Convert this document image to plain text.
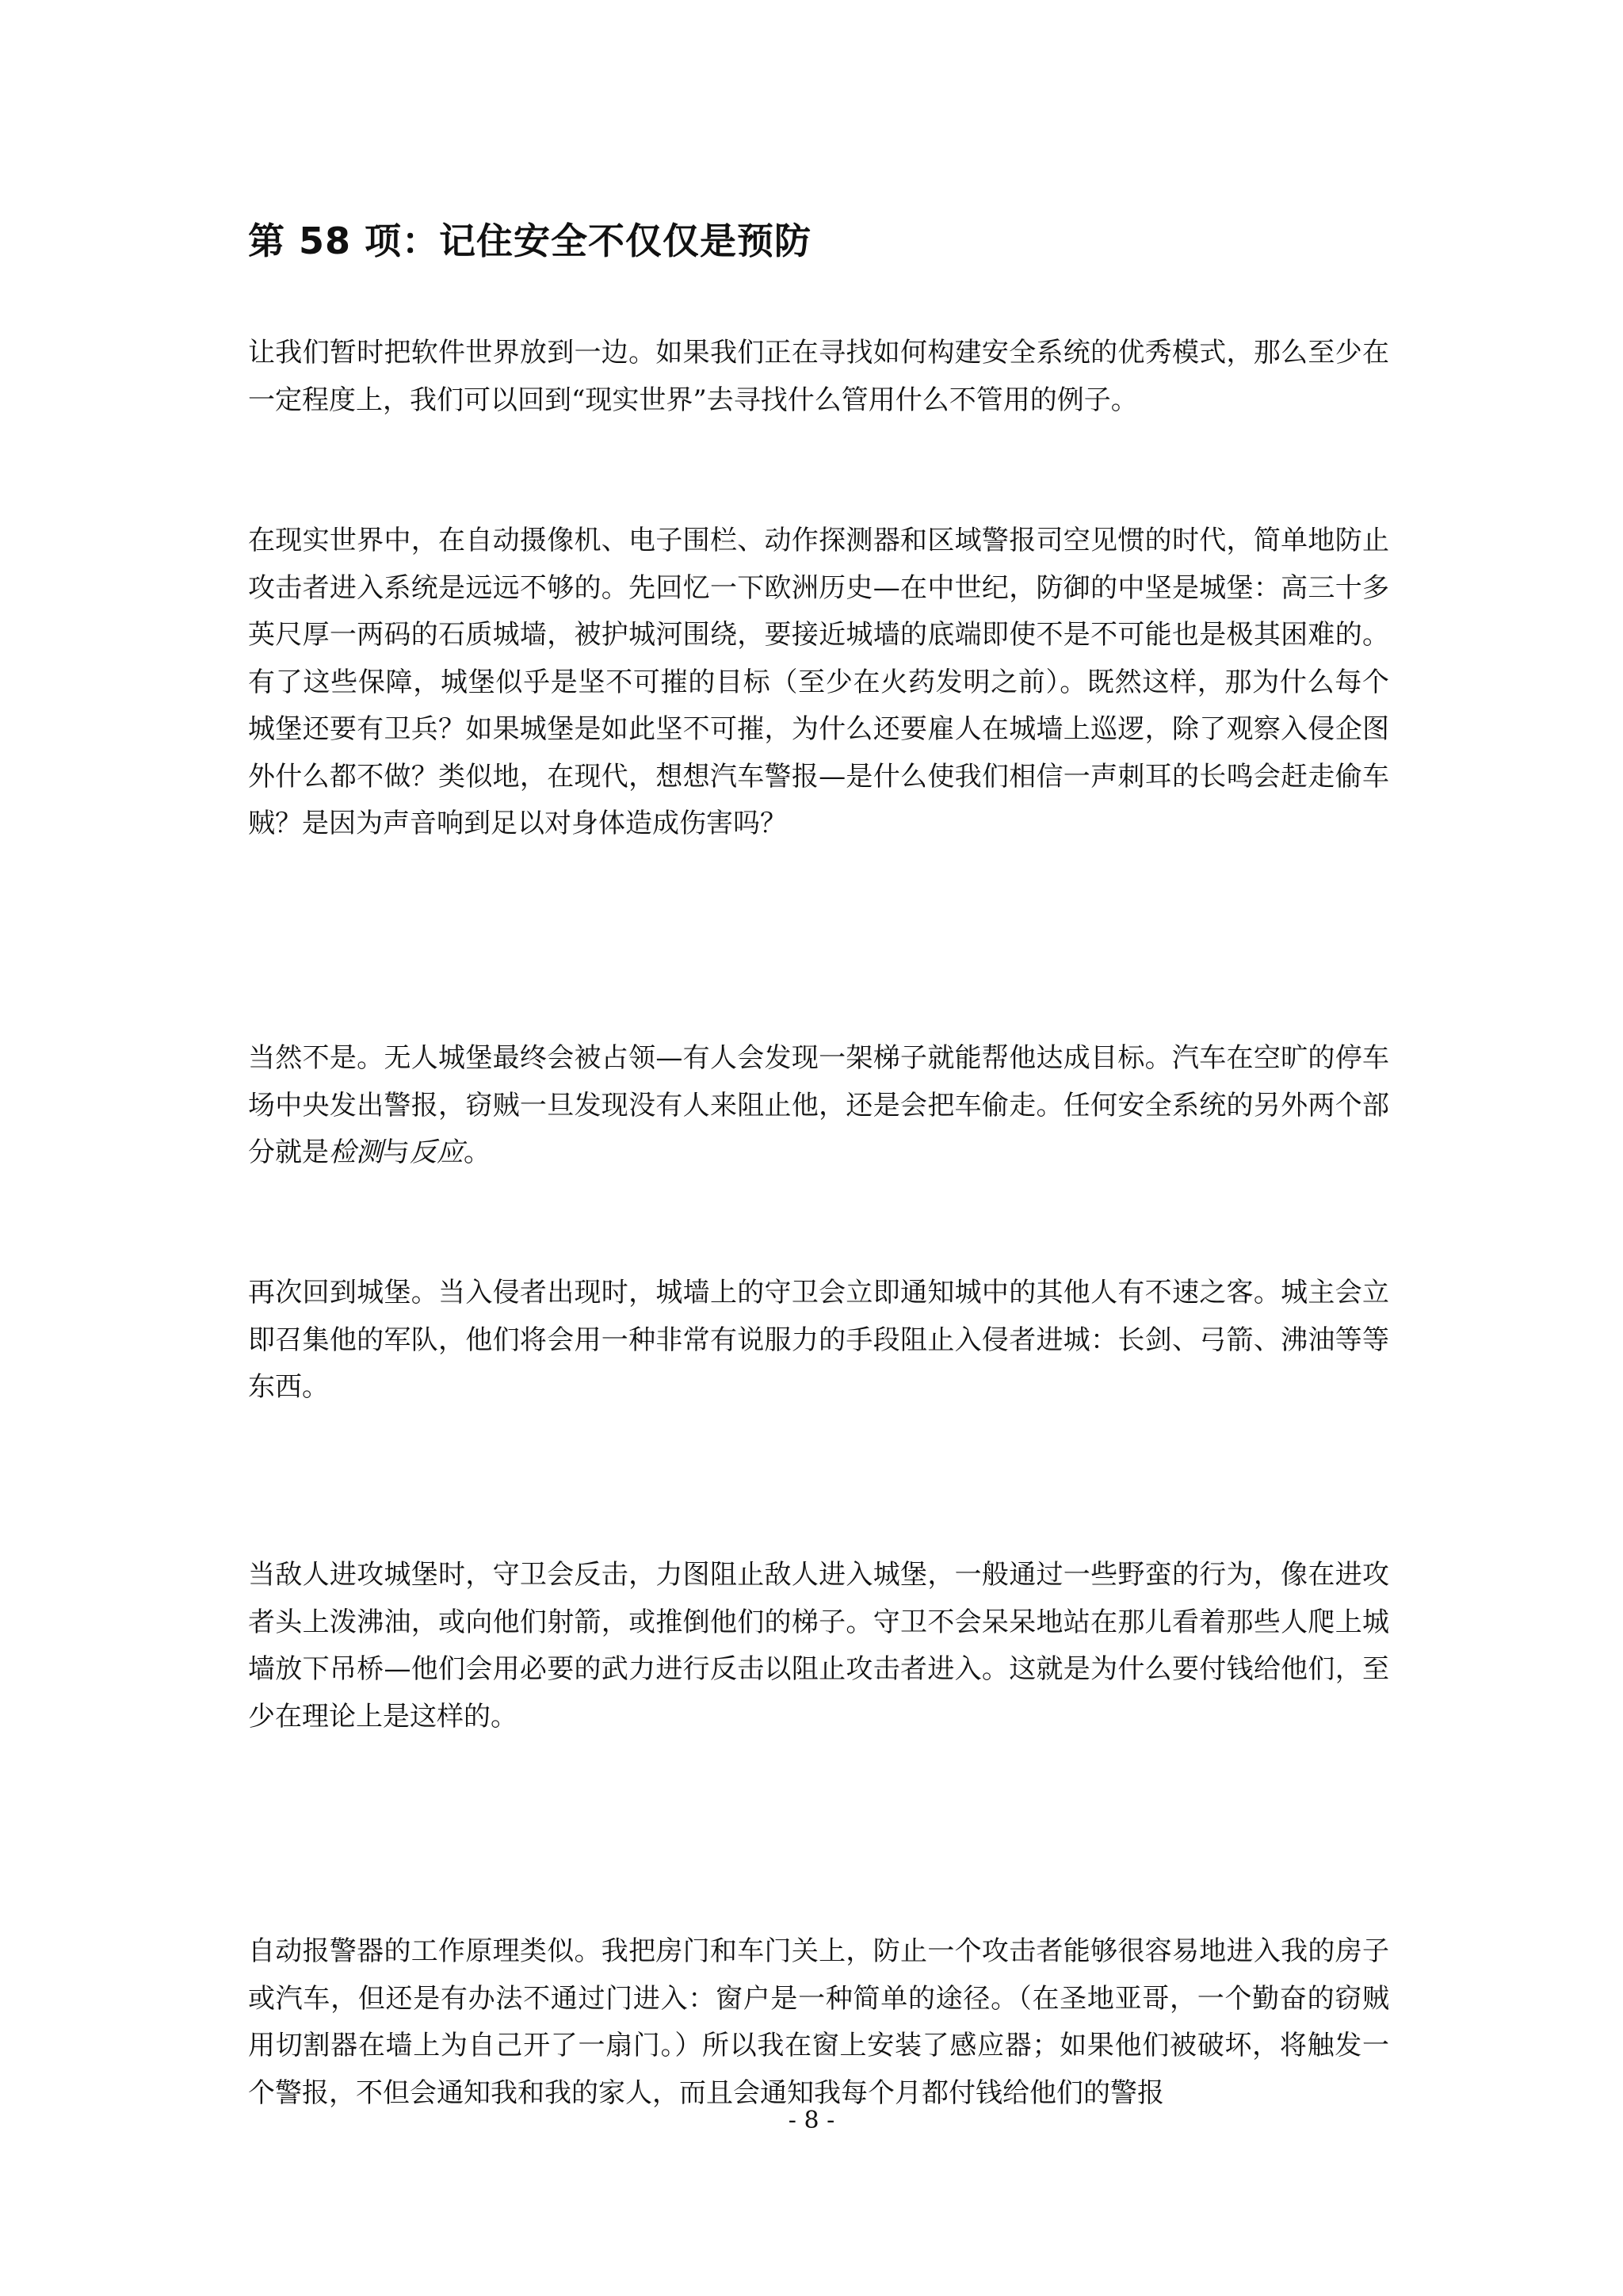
第 58 项：记住安全不仅仅是预防

让我们暂时把软件世界放到一边。如果我们正在寻找如何构建安全系统的优秀模式，那么至少在一定程度上，我们可以回到“现实世界”去寻找什么管用什么不管用的例子。

在现实世界中，在自动摄像机、电子围栏、动作探测器和区域警报司空见惯的时代，简单地防止攻击者进入系统是远远不够的。先回忆一下欧洲历史—在中世纪，防御的中坚是城堡：高三十多英尺厚一两码的石质城墙，被护城河围绕，要接近城墙的底端即使不是不可能也是极其困难的。有了这些保障，城堡似乎是坚不可摧的目标（至少在火药发明之前）。既然这样，那为什么每个城堡还要有卫兵？如果城堡是如此坚不可摧，为什么还要雇人在城墙上巡逻，除了观察入侵企图外什么都不做？类似地，在现代，想想汽车警报—是什么使我们相信一声刺耳的长鸣会赶走偷车贼？是因为声音响到足以对身体造成伤害吗？

当然不是。无人城堡最终会被占领—有人会发现一架梯子就能帮他达成目标。汽车在空旷的停车场中央发出警报，窃贼一旦发现没有人来阻止他，还是会把车偷走。任何安全系统的另外两个部分就是检测与反应。

再次回到城堡。当入侵者出现时，城墙上的守卫会立即通知城中的其他人有不速之客。城主会立即召集他的军队，他们将会用一种非常有说服力的手段阻止入侵者进城：长剑、弓箭、沸油等等东西。

当敌人进攻城堡时，守卫会反击，力图阻止敌人进入城堡，一般通过一些野蛮的行为，像在进攻者头上泼沸油，或向他们射箭，或推倒他们的梯子。守卫不会呆呆地站在那儿看着那些人爬上城墙放下吊桥—他们会用必要的武力进行反击以阻止攻击者进入。这就是为什么要付钱给他们，至少在理论上是这样的。

自动报警器的工作原理类似。我把房门和车门关上，防止一个攻击者能够很容易地进入我的房子或汽车，但还是有办法不通过门进入：窗户是一种简单的途径。（在圣地亚哥，一个勤奋的窃贼用切割器在墙上为自己开了一扇门。）所以我在窗上安装了感应器；如果他们被破坏，将触发一个警报，不但会通知我和我的家人，而且会通知我每个月都付钱给他们的警报

- 8 -
